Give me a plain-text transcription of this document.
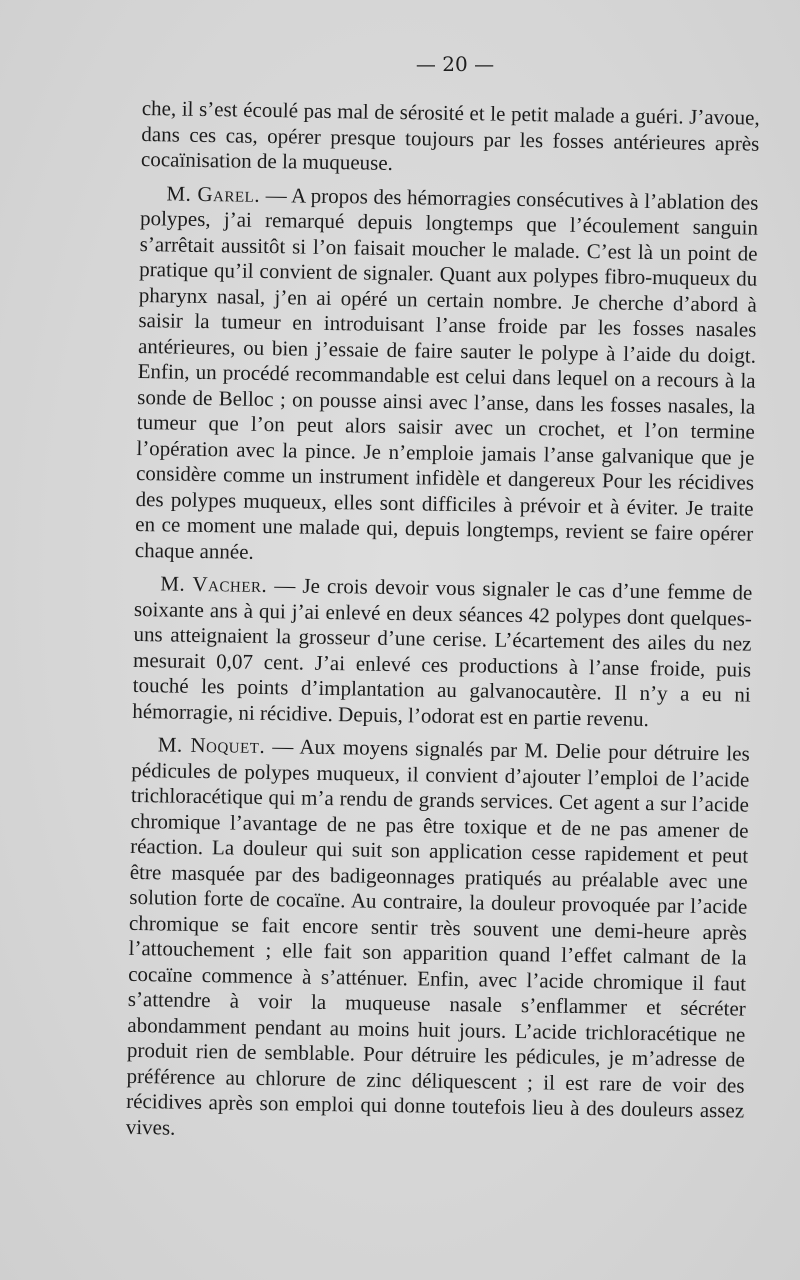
— 20 —

che, il s’est écoulé pas mal de sérosité et le petit malade a guéri. J’avoue, dans ces cas, opérer presque toujours par les fosses antérieures après cocaïnisation de la muqueuse.

M. Garel. — A propos des hémorragies consécutives à l’ablation des polypes, j’ai remarqué depuis longtemps que l’écoulement sanguin s’arrêtait aussitôt si l’on faisait moucher le malade. C’est là un point de pratique qu’il convient de signaler. Quant aux polypes fibro-muqueux du pharynx nasal, j’en ai opéré un certain nombre. Je cherche d’abord à saisir la tumeur en introduisant l’anse froide par les fosses nasales antérieures, ou bien j’essaie de faire sauter le polype à l’aide du doigt. Enfin, un procédé recommandable est celui dans lequel on a recours à la sonde de Belloc ; on pousse ainsi avec l’anse, dans les fosses nasales, la tumeur que l’on peut alors saisir avec un crochet, et l’on termine l’opération avec la pince. Je n’emploie jamais l’anse galvanique que je considère comme un instrument infidèle et dangereux Pour les récidives des polypes muqueux, elles sont difficiles à prévoir et à éviter. Je traite en ce moment une malade qui, depuis longtemps, revient se faire opérer chaque année.

M. Vacher. — Je crois devoir vous signaler le cas d’une femme de soixante ans à qui j’ai enlevé en deux séances 42 polypes dont quelques-uns atteignaient la grosseur d’une cerise. L’écartement des ailes du nez mesurait 0,07 cent. J’ai enlevé ces productions à l’anse froide, puis touché les points d’implantation au galvanocautère. Il n’y a eu ni hémorragie, ni récidive. Depuis, l’odorat est en partie revenu.

M. Noquet. — Aux moyens signalés par M. Delie pour détruire les pédicules de polypes muqueux, il convient d’ajouter l’emploi de l’acide trichloracétique qui m’a rendu de grands services. Cet agent a sur l’acide chromique l’avantage de ne pas être toxique et de ne pas amener de réaction. La douleur qui suit son application cesse rapidement et peut être masquée par des badigeonnages pratiqués au préalable avec une solution forte de cocaïne. Au contraire, la douleur provoquée par l’acide chromique se fait encore sentir très souvent une demi-heure après l’attouchement ; elle fait son apparition quand l’effet calmant de la cocaïne commence à s’atténuer. Enfin, avec l’acide chromique il faut s’attendre à voir la muqueuse nasale s’enflammer et sécréter abondamment pendant au moins huit jours. L’acide trichloracétique ne produit rien de semblable. Pour détruire les pédicules, je m’adresse de préférence au chlorure de zinc déliquescent ; il est rare de voir des récidives après son emploi qui donne toutefois lieu à des douleurs assez vives.
